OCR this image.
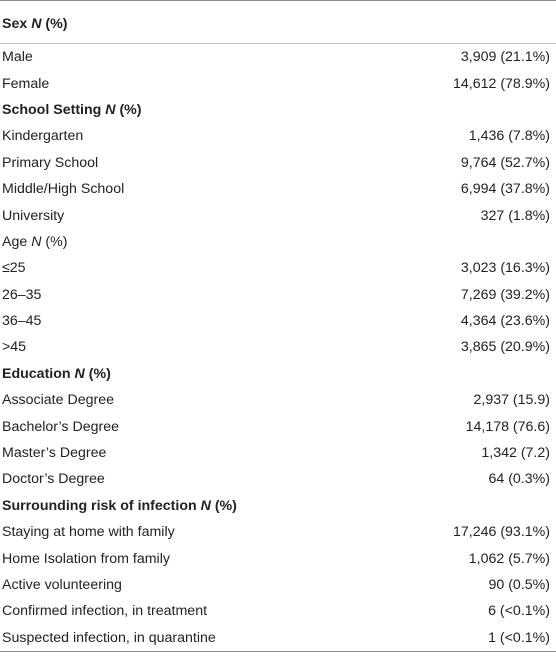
Sex N (%)	
Male	3,909 (21.1%)
Female	14,612 (78.9%)
School Setting N (%)	
Kindergarten	1,436 (7.8%)
Primary School	9,764 (52.7%)
Middle/High School	6,994 (37.8%)
University	327 (1.8%)
Age N (%)	
≤25	3,023 (16.3%)
26–35	7,269 (39.2%)
36–45	4,364 (23.6%)
>45	3,865 (20.9%)
Education N (%)	
Associate Degree	2,937 (15.9)
Bachelor’s Degree	14,178 (76.6)
Master’s Degree	1,342 (7.2)
Doctor’s Degree	64 (0.3%)
Surrounding risk of infection N (%)	
Staying at home with family	17,246 (93.1%)
Home Isolation from family	1,062 (5.7%)
Active volunteering	90 (0.5%)
Confirmed infection, in treatment	6 (<0.1%)
Suspected infection, in quarantine	1 (<0.1%)
